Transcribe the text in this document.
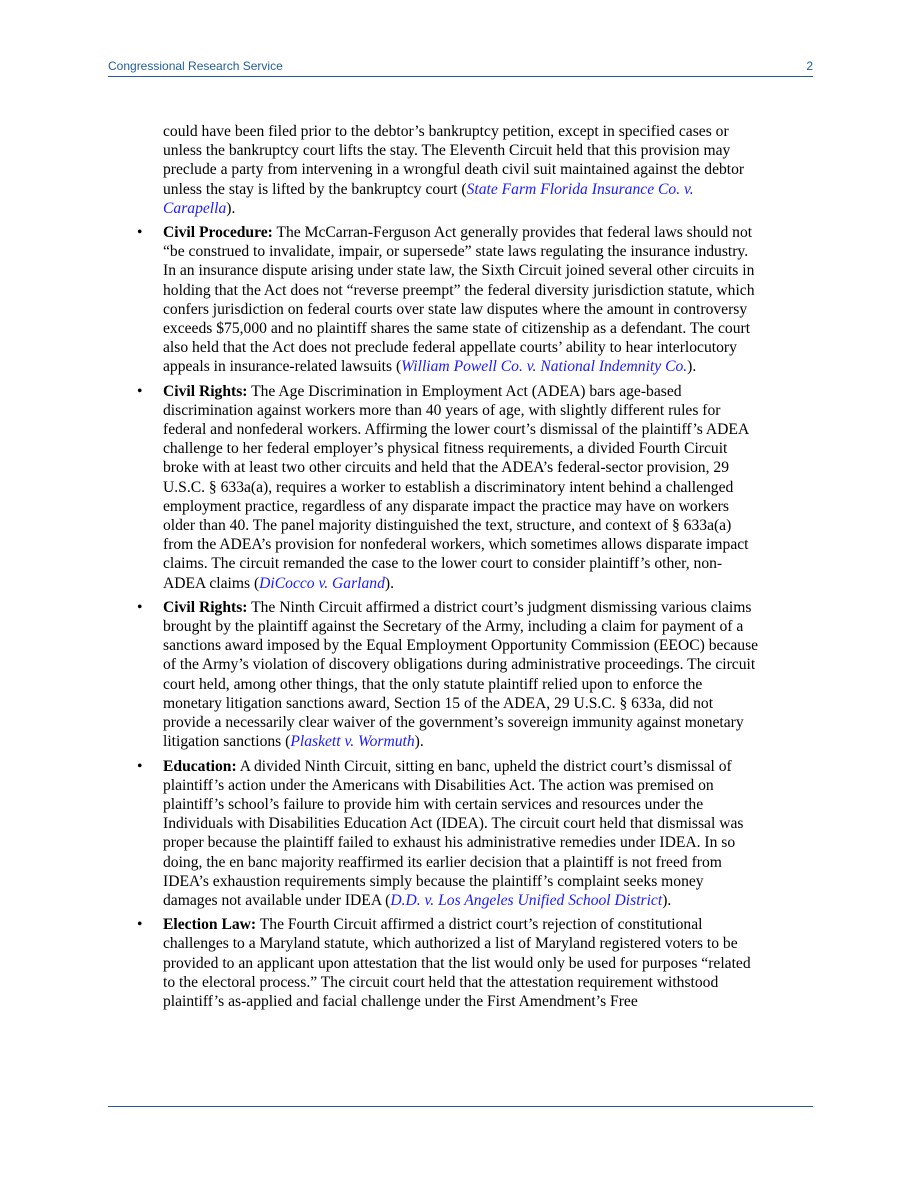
Congressional Research Service	2

could have been filed prior to the debtor’s bankruptcy petition, except in specified cases or unless the bankruptcy court lifts the stay. The Eleventh Circuit held that this provision may preclude a party from intervening in a wrongful death civil suit maintained against the debtor unless the stay is lifted by the bankruptcy court (State Farm Florida Insurance Co. v. Carapella).

• Civil Procedure: The McCarran-Ferguson Act generally provides that federal laws should not “be construed to invalidate, impair, or supersede” state laws regulating the insurance industry. In an insurance dispute arising under state law, the Sixth Circuit joined several other circuits in holding that the Act does not “reverse preempt” the federal diversity jurisdiction statute, which confers jurisdiction on federal courts over state law disputes where the amount in controversy exceeds $75,000 and no plaintiff shares the same state of citizenship as a defendant. The court also held that the Act does not preclude federal appellate courts’ ability to hear interlocutory appeals in insurance-related lawsuits (William Powell Co. v. National Indemnity Co.).
• Civil Rights: The Age Discrimination in Employment Act (ADEA) bars age-based discrimination against workers more than 40 years of age, with slightly different rules for federal and nonfederal workers. Affirming the lower court’s dismissal of the plaintiff’s ADEA challenge to her federal employer’s physical fitness requirements, a divided Fourth Circuit broke with at least two other circuits and held that the ADEA’s federal-sector provision, 29 U.S.C. § 633a(a), requires a worker to establish a discriminatory intent behind a challenged employment practice, regardless of any disparate impact the practice may have on workers older than 40. The panel majority distinguished the text, structure, and context of § 633a(a) from the ADEA’s provision for nonfederal workers, which sometimes allows disparate impact claims. The circuit remanded the case to the lower court to consider plaintiff’s other, non-ADEA claims (DiCocco v. Garland).
• Civil Rights: The Ninth Circuit affirmed a district court’s judgment dismissing various claims brought by the plaintiff against the Secretary of the Army, including a claim for payment of a sanctions award imposed by the Equal Employment Opportunity Commission (EEOC) because of the Army’s violation of discovery obligations during administrative proceedings. The circuit court held, among other things, that the only statute plaintiff relied upon to enforce the monetary litigation sanctions award, Section 15 of the ADEA, 29 U.S.C. § 633a, did not provide a necessarily clear waiver of the government’s sovereign immunity against monetary litigation sanctions (Plaskett v. Wormuth).
• Education: A divided Ninth Circuit, sitting en banc, upheld the district court’s dismissal of plaintiff’s action under the Americans with Disabilities Act. The action was premised on plaintiff’s school’s failure to provide him with certain services and resources under the Individuals with Disabilities Education Act (IDEA). The circuit court held that dismissal was proper because the plaintiff failed to exhaust his administrative remedies under IDEA. In so doing, the en banc majority reaffirmed its earlier decision that a plaintiff is not freed from IDEA’s exhaustion requirements simply because the plaintiff’s complaint seeks money damages not available under IDEA (D.D. v. Los Angeles Unified School District).
• Election Law: The Fourth Circuit affirmed a district court’s rejection of constitutional challenges to a Maryland statute, which authorized a list of Maryland registered voters to be provided to an applicant upon attestation that the list would only be used for purposes “related to the electoral process.” The circuit court held that the attestation requirement withstood plaintiff’s as-applied and facial challenge under the First Amendment’s Free
